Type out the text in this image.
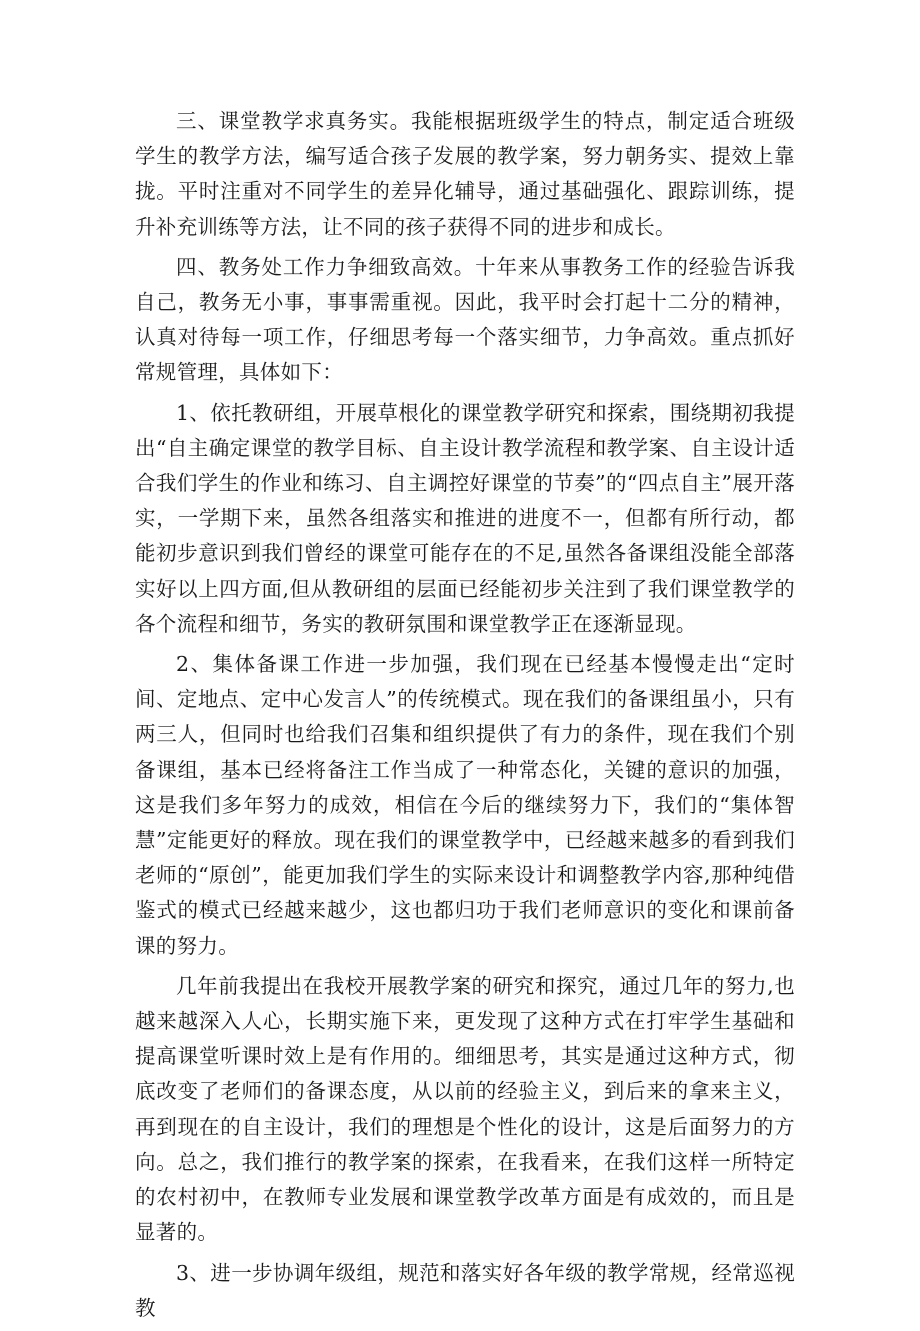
三、课堂教学求真务实。我能根据班级学生的特点，制定适合班级学生的教学方法，编写适合孩子发展的教学案，努力朝务实、提效上靠拢。平时注重对不同学生的差异化辅导，通过基础强化、跟踪训练，提升补充训练等方法，让不同的孩子获得不同的进步和成长。

四、教务处工作力争细致高效。十年来从事教务工作的经验告诉我自己，教务无小事，事事需重视。因此，我平时会打起十二分的精神，认真对待每一项工作，仔细思考每一个落实细节，力争高效。重点抓好常规管理，具体如下：

1、依托教研组，开展草根化的课堂教学研究和探索，围绕期初我提出“自主确定课堂的教学目标、自主设计教学流程和教学案、自主设计适合我们学生的作业和练习、自主调控好课堂的节奏”的“四点自主”展开落实，一学期下来，虽然各组落实和推进的进度不一，但都有所行动，都能初步意识到我们曾经的课堂可能存在的不足,虽然各备课组没能全部落实好以上四方面,但从教研组的层面已经能初步关注到了我们课堂教学的各个流程和细节，务实的教研氛围和课堂教学正在逐渐显现。

2、集体备课工作进一步加强，我们现在已经基本慢慢走出“定时间、定地点、定中心发言人”的传统模式。现在我们的备课组虽小，只有两三人，但同时也给我们召集和组织提供了有力的条件，现在我们个别备课组，基本已经将备注工作当成了一种常态化，关键的意识的加强，这是我们多年努力的成效，相信在今后的继续努力下，我们的“集体智慧”定能更好的释放。现在我们的课堂教学中，已经越来越多的看到我们老师的“原创”，能更加我们学生的实际来设计和调整教学内容,那种纯借鉴式的模式已经越来越少，这也都归功于我们老师意识的变化和课前备课的努力。

几年前我提出在我校开展教学案的研究和探究，通过几年的努力,也越来越深入人心，长期实施下来，更发现了这种方式在打牢学生基础和提高课堂听课时效上是有作用的。细细思考，其实是通过这种方式，彻底改变了老师们的备课态度，从以前的经验主义，到后来的拿来主义，再到现在的自主设计，我们的理想是个性化的设计，这是后面努力的方向。总之，我们推行的教学案的探索，在我看来，在我们这样一所特定的农村初中，在教师专业发展和课堂教学改革方面是有成效的，而且是显著的。

3、进一步协调年级组，规范和落实好各年级的教学常规，经常巡视教
